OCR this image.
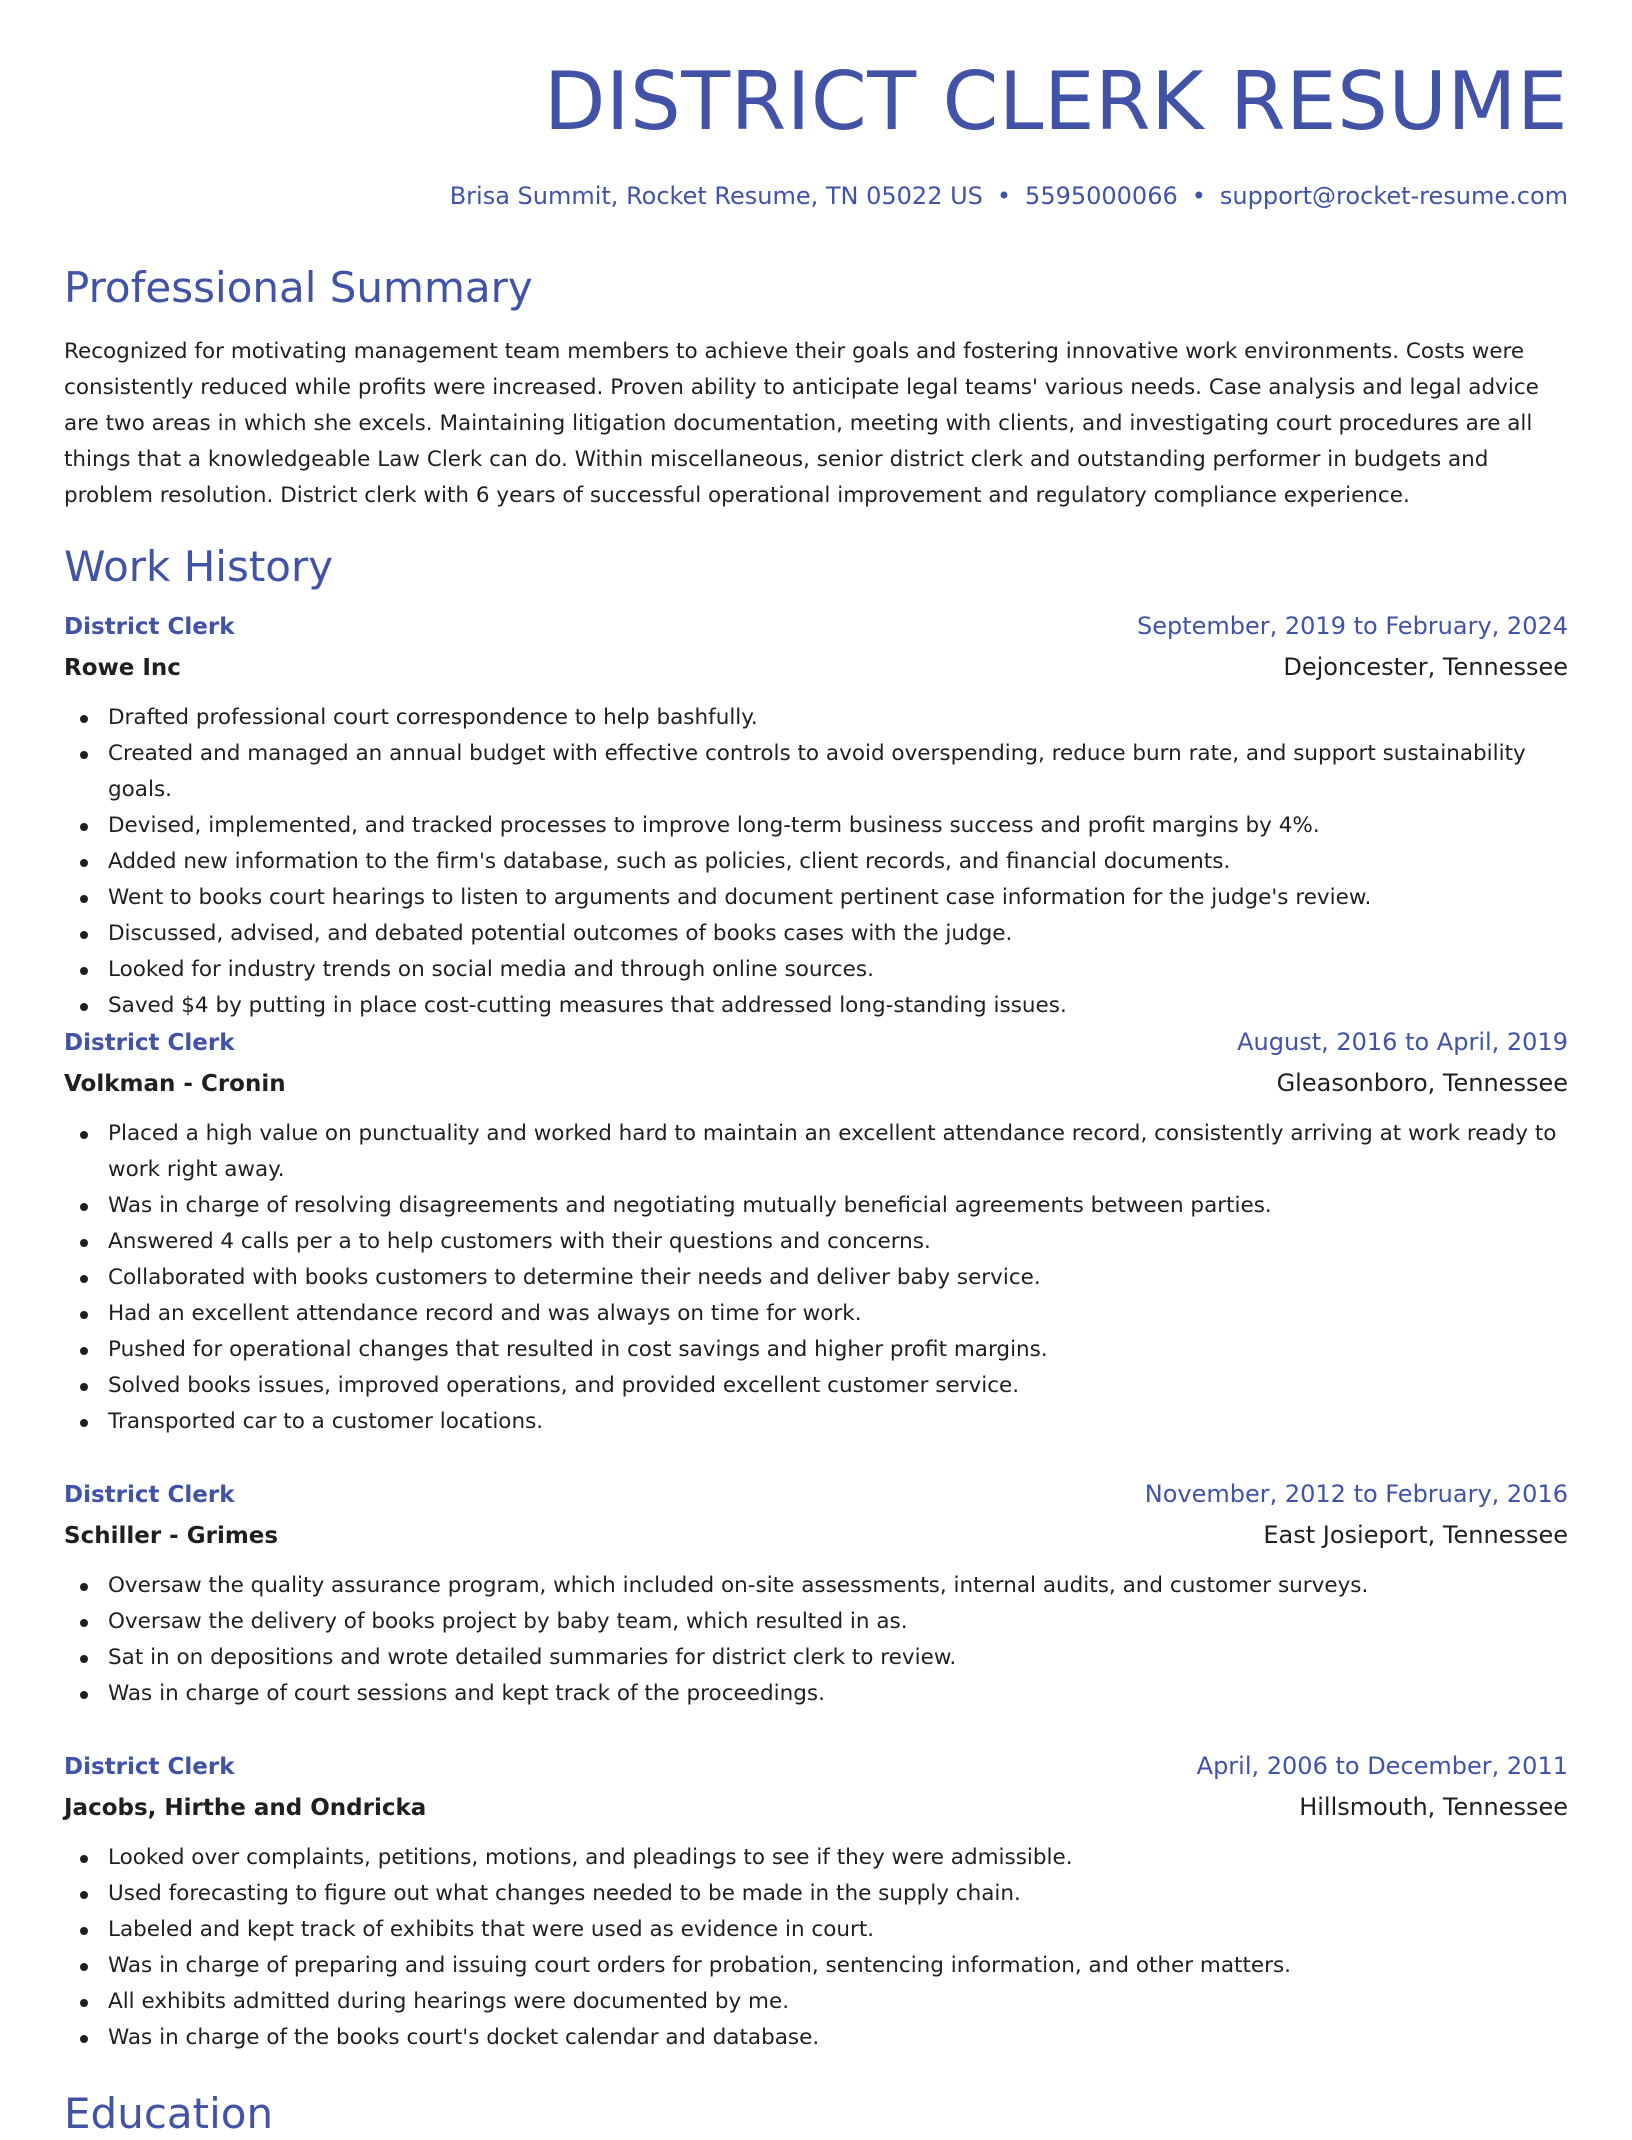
DISTRICT CLERK RESUME
Brisa Summit, Rocket Resume, TN 05022 US • 5595000066 • support@rocket-resume.com
Professional Summary

Recognized for motivating management team members to achieve their goals and fostering innovative work environments. Costs were consistently reduced while profits were increased. Proven ability to anticipate legal teams' various needs. Case analysis and legal advice are two areas in which she excels. Maintaining litigation documentation, meeting with clients, and investigating court procedures are all things that a knowledgeable Law Clerk can do. Within miscellaneous, senior district clerk and outstanding performer in budgets and problem resolution. District clerk with 6 years of successful operational improvement and regulatory compliance experience.

Work History
District Clerk	September, 2019 to February, 2024
Rowe Inc	Dejoncester, Tennessee
Drafted professional court correspondence to help bashfully.
Created and managed an annual budget with effective controls to avoid overspending, reduce burn rate, and support sustainability goals.
Devised, implemented, and tracked processes to improve long-term business success and profit margins by 4%.
Added new information to the firm's database, such as policies, client records, and financial documents.
Went to books court hearings to listen to arguments and document pertinent case information for the judge's review.
Discussed, advised, and debated potential outcomes of books cases with the judge.
Looked for industry trends on social media and through online sources.
Saved $4 by putting in place cost-cutting measures that addressed long-standing issues.
District Clerk	August, 2016 to April, 2019
Volkman - Cronin	Gleasonboro, Tennessee
Placed a high value on punctuality and worked hard to maintain an excellent attendance record, consistently arriving at work ready to work right away.
Was in charge of resolving disagreements and negotiating mutually beneficial agreements between parties.
Answered 4 calls per a to help customers with their questions and concerns.
Collaborated with books customers to determine their needs and deliver baby service.
Had an excellent attendance record and was always on time for work.
Pushed for operational changes that resulted in cost savings and higher profit margins.
Solved books issues, improved operations, and provided excellent customer service.
Transported car to a customer locations.
District Clerk	November, 2012 to February, 2016
Schiller - Grimes	East Josieport, Tennessee
Oversaw the quality assurance program, which included on-site assessments, internal audits, and customer surveys.
Oversaw the delivery of books project by baby team, which resulted in as.
Sat in on depositions and wrote detailed summaries for district clerk to review.
Was in charge of court sessions and kept track of the proceedings.
District Clerk	April, 2006 to December, 2011
Jacobs, Hirthe and Ondricka	Hillsmouth, Tennessee
Looked over complaints, petitions, motions, and pleadings to see if they were admissible.
Used forecasting to figure out what changes needed to be made in the supply chain.
Labeled and kept track of exhibits that were used as evidence in court.
Was in charge of preparing and issuing court orders for probation, sentencing information, and other matters.
All exhibits admitted during hearings were documented by me.
Was in charge of the books court's docket calendar and database.
Education
